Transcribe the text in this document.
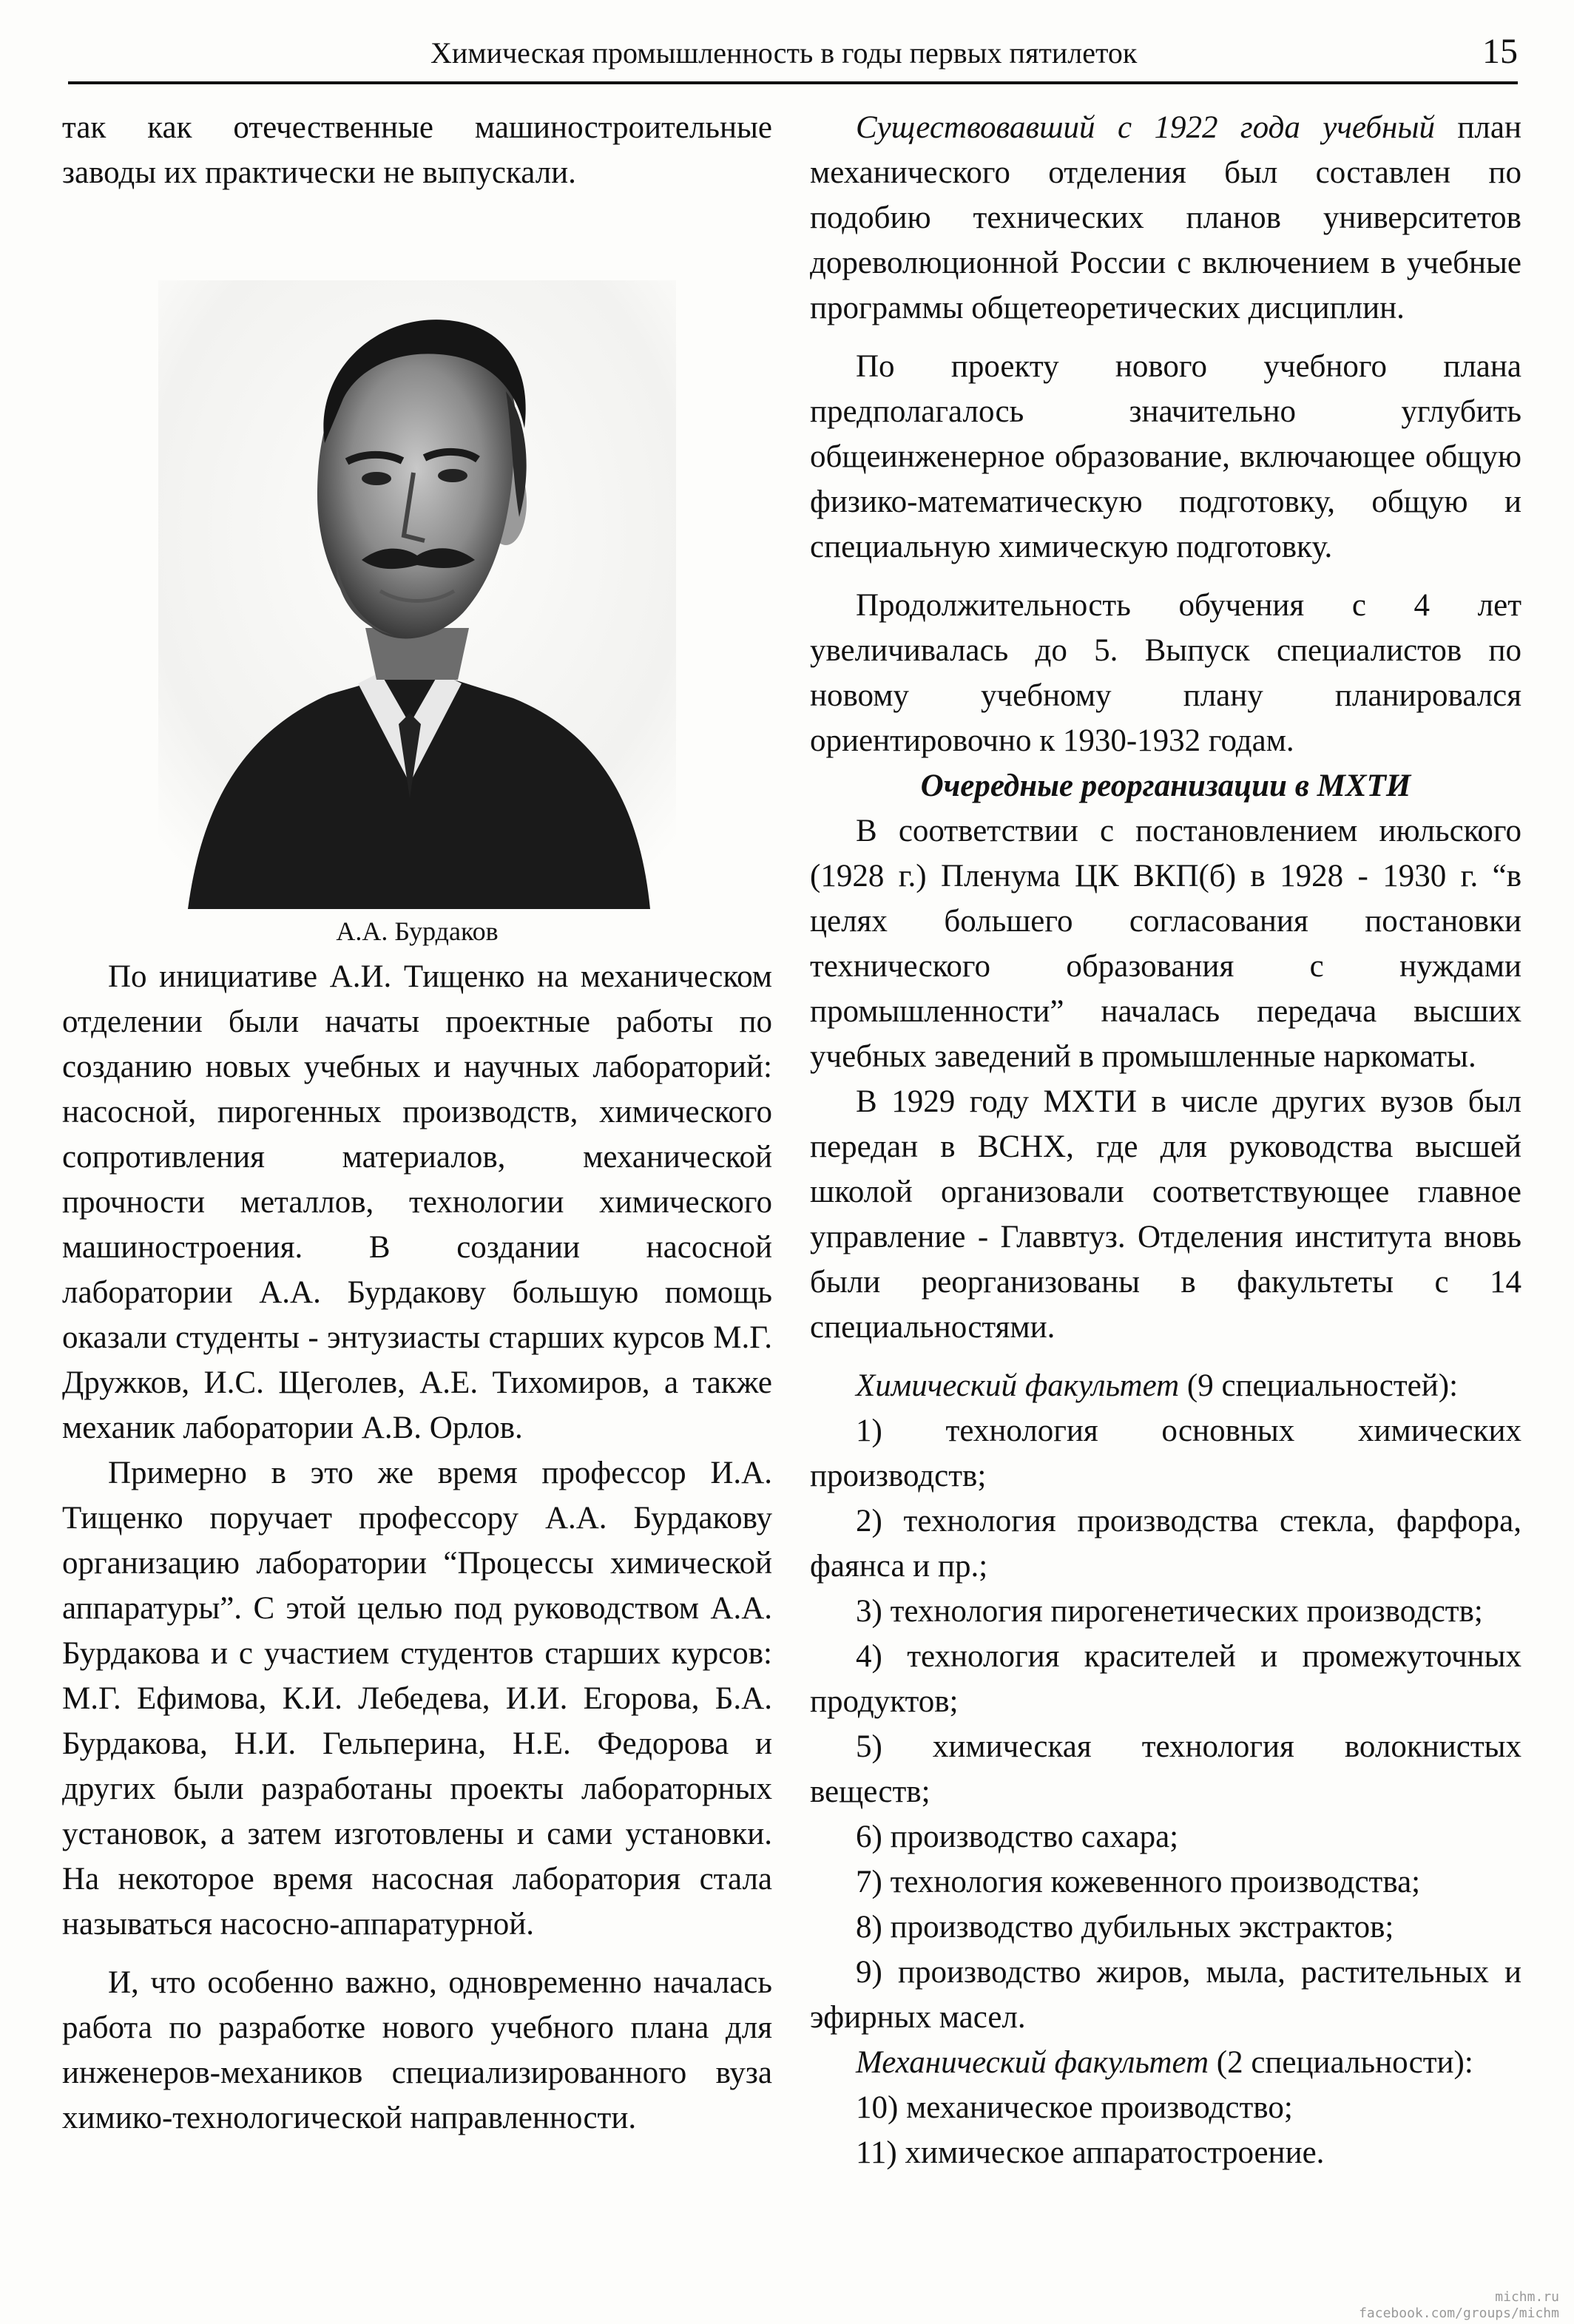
Химическая промышленность в годы первых пятилеток	15

так как отечественные машиностроительные заводы их практически не выпускали.

А.А. Бурдаков

По инициативе А.И. Тищенко на механическом отделении были начаты проектные работы по созданию новых учебных и научных лабораторий: насосной, пирогенных производств, химического сопротивления материалов, механической прочности металлов, технологии химического машиностроения. В создании насосной лаборатории А.А. Бурдакову большую помощь оказали студенты - энтузиасты старших курсов М.Г. Дружков, И.С. Щеголев, А.Е. Тихомиров, а также механик лаборатории А.В. Орлов.

Примерно в это же время профессор И.А. Тищенко поручает профессору А.А. Бурдакову организацию лаборатории “Процессы химической аппаратуры”. С этой целью под руководством А.А. Бурдакова и с участием студентов старших курсов: М.Г. Ефимова, К.И. Лебедева, И.И. Егорова, Б.А. Бурдакова, Н.И. Гельперина, Н.Е. Федорова и других были разработаны проекты лабораторных установок, а затем изготовлены и сами установки. На некоторое время насосная лаборатория стала называться насосно-аппаратурной.

И, что особенно важно, одновременно началась работа по разработке нового учебного плана для инженеров-механиков специализированного вуза химико-технологической направленности.

Существовавший с 1922 года учебный план механического отделения был составлен по подобию технических планов университетов дореволюционной России с включением в учебные программы общетеоретических дисциплин.

По проекту нового учебного плана предполагалось значительно углубить общеинженерное образование, включающее общую физико-математическую подготовку, общую и специальную химическую подготовку.

Продолжительность обучения с 4 лет увеличивалась до 5. Выпуск специалистов по новому учебному плану планировался ориентировочно к 1930-1932 годам.

Очередные реорганизации в МХТИ

В соответствии с постановлением июльского (1928 г.) Пленума ЦК ВКП(б) в 1928 - 1930 г. “в целях большего согласования постановки технического образования с нуждами промышленности” началась передача высших учебных заведений в промышленные наркоматы.

В 1929 году МХТИ в числе других вузов был передан в ВСНХ, где для руководства высшей школой организовали соответствующее главное управление - Главвтуз. Отделения института вновь были реорганизованы в факультеты с 14 специальностями.

Химический факультет (9 специальностей):

1) технология основных химических производств;

2) технология производства стекла, фарфора, фаянса и пр.;

3) технология пирогенетических производств;

4) технология красителей и промежуточных продуктов;

5) химическая технология волокнистых веществ;

6) производство сахара;

7) технология кожевенного производства;

8) производство дубильных экстрактов;

9) производство жиров, мыла, растительных и эфирных масел.

Механический факультет (2 специальности):

10) механическое производство;

11) химическое аппаратостроение.

michm.ru
facebook.com/groups/michm
